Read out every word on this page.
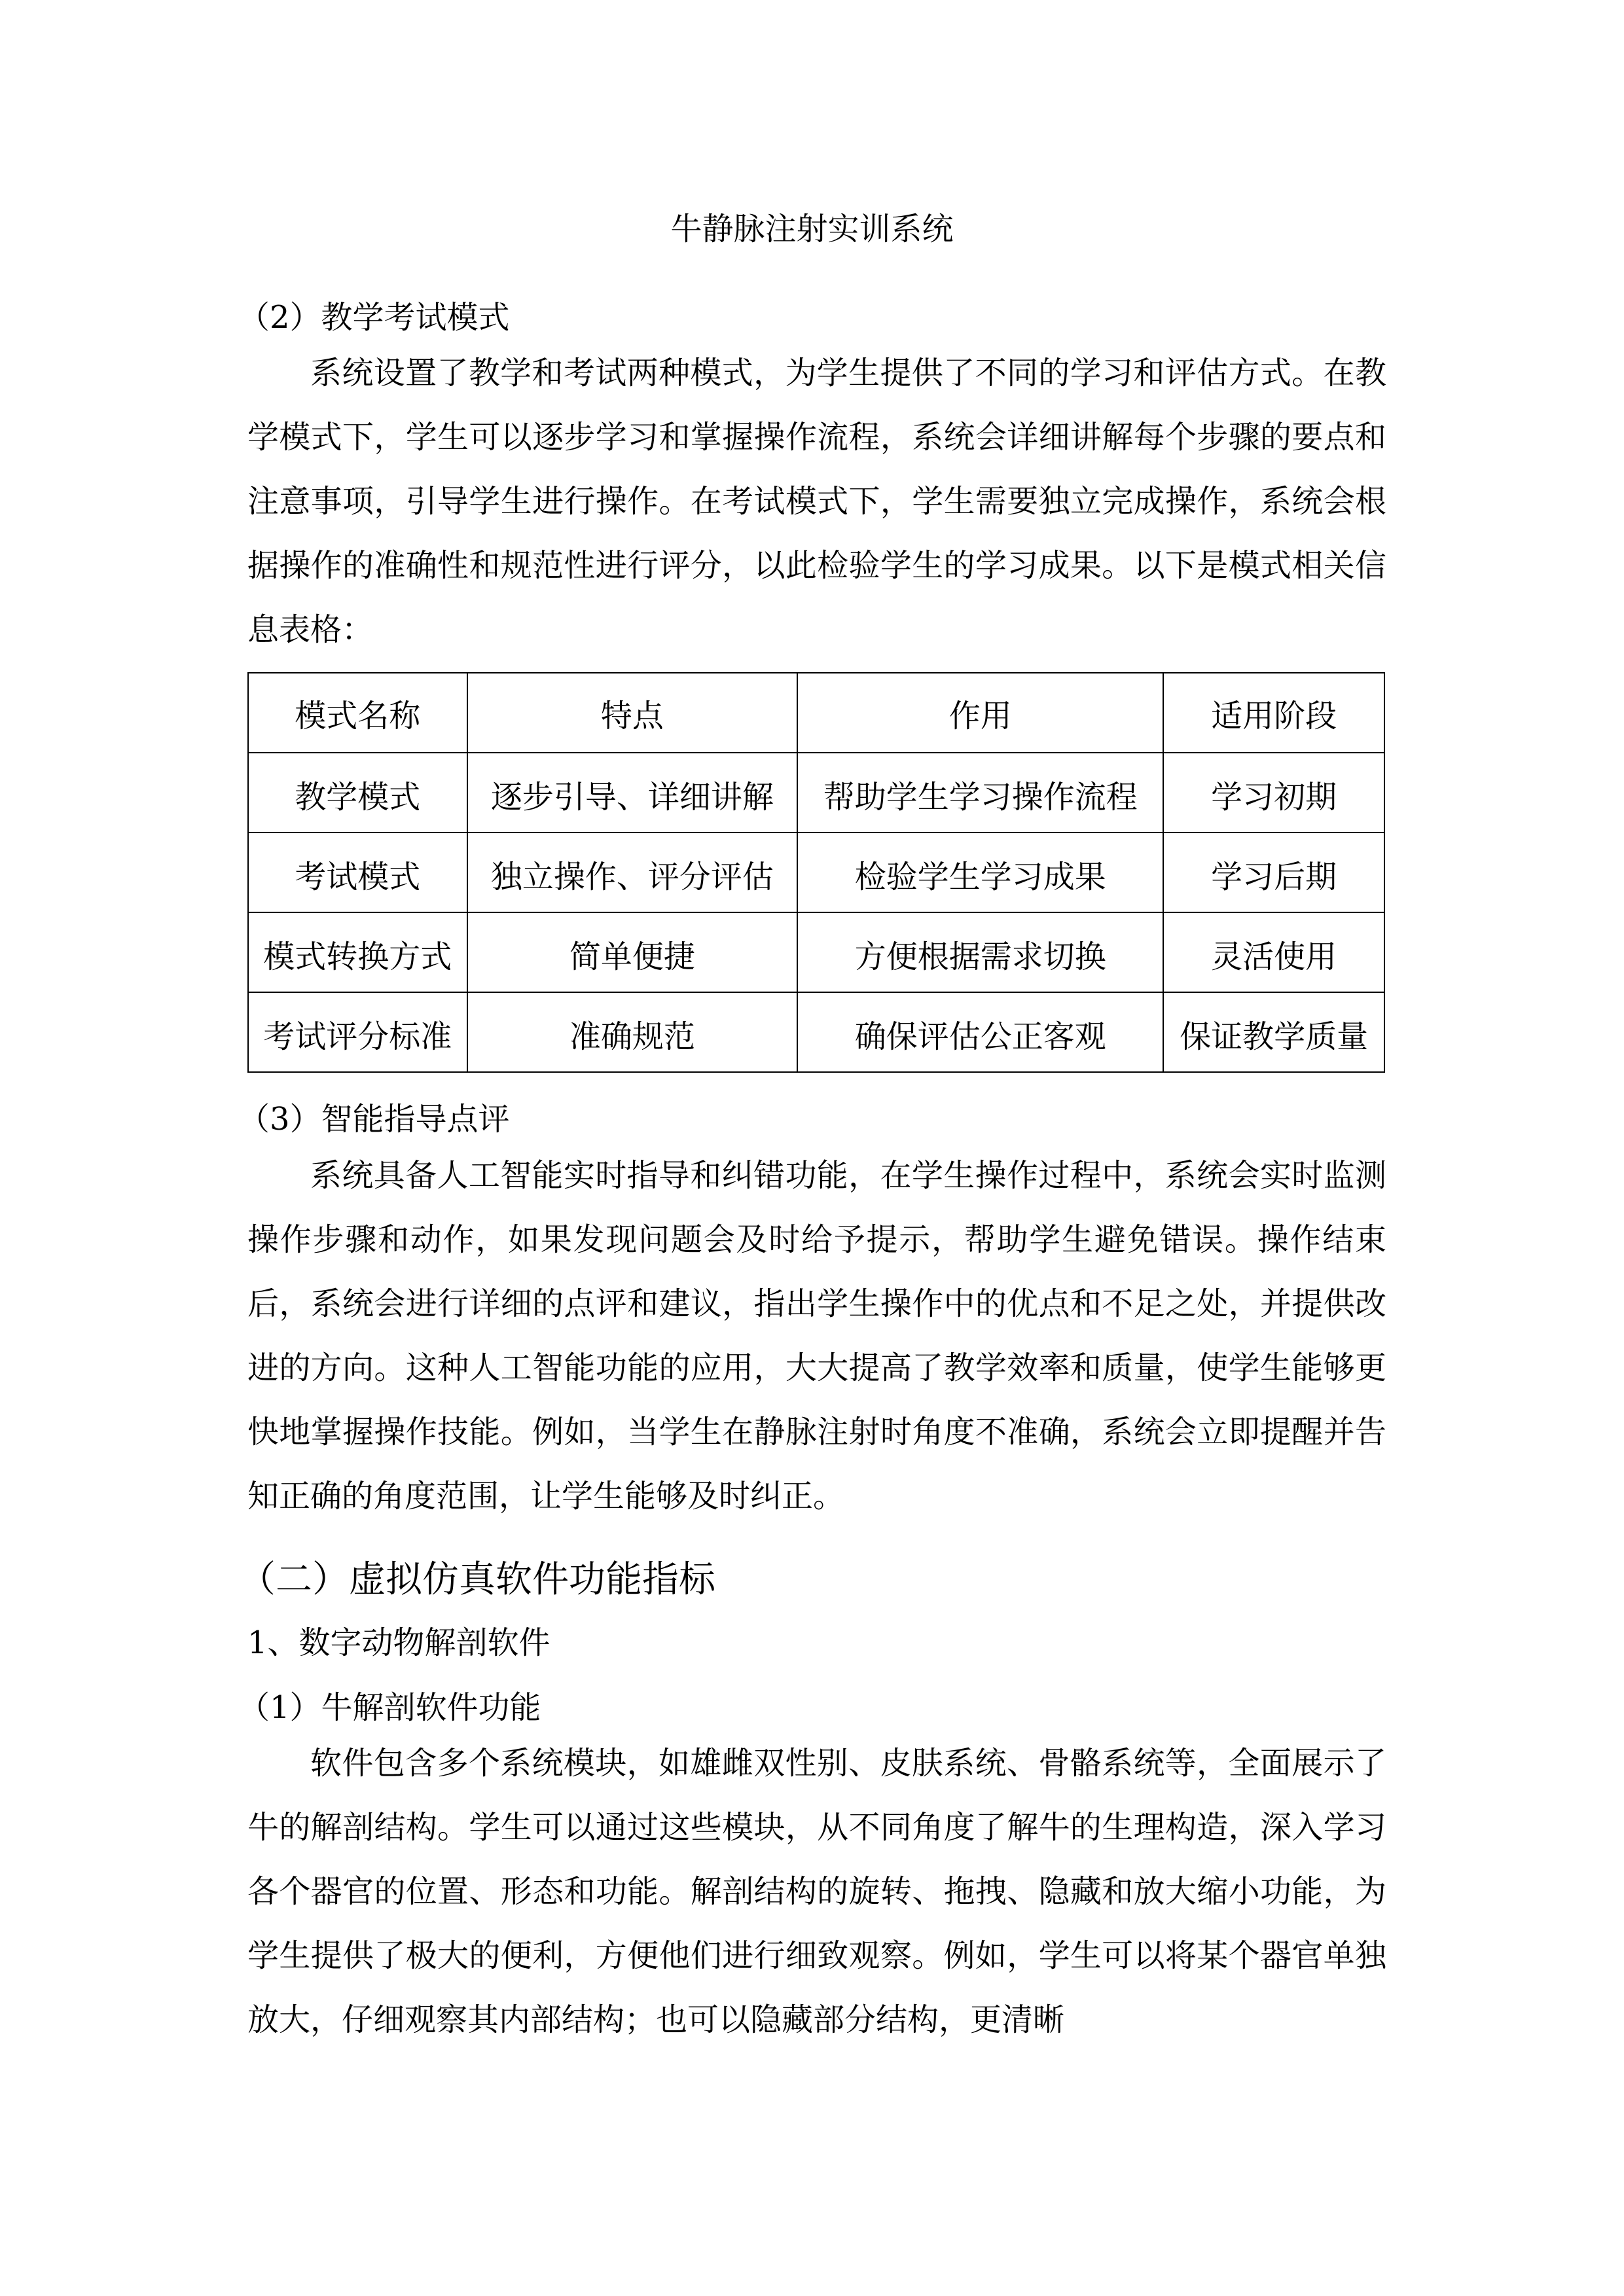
牛静脉注射实训系统
（2）教学考试模式

系统设置了教学和考试两种模式，为学生提供了不同的学习和评估方式。在教学模式下，学生可以逐步学习和掌握操作流程，系统会详细讲解每个步骤的要点和注意事项，引导学生进行操作。在考试模式下，学生需要独立完成操作，系统会根据操作的准确性和规范性进行评分，以此检验学生的学习成果。以下是模式相关信息表格：

模式名称	特点	作用	适用阶段
教学模式	逐步引导、详细讲解	帮助学生学习操作流程	学习初期
考试模式	独立操作、评分评估	检验学生学习成果	学习后期
模式转换方式	简单便捷	方便根据需求切换	灵活使用
考试评分标准	准确规范	确保评估公正客观	保证教学质量
（3）智能指导点评

系统具备人工智能实时指导和纠错功能，在学生操作过程中，系统会实时监测操作步骤和动作，如果发现问题会及时给予提示，帮助学生避免错误。操作结束后，系统会进行详细的点评和建议，指出学生操作中的优点和不足之处，并提供改进的方向。这种人工智能功能的应用，大大提高了教学效率和质量，使学生能够更快地掌握操作技能。例如，当学生在静脉注射时角度不准确，系统会立即提醒并告知正确的角度范围，让学生能够及时纠正。

（二）虚拟仿真软件功能指标
1、数字动物解剖软件
（1）牛解剖软件功能

软件包含多个系统模块，如雄雌双性别、皮肤系统、骨骼系统等，全面展示了牛的解剖结构。学生可以通过这些模块，从不同角度了解牛的生理构造，深入学习各个器官的位置、形态和功能。解剖结构的旋转、拖拽、隐藏和放大缩小功能，为学生提供了极大的便利，方便他们进行细致观察。例如，学生可以将某个器官单独放大，仔细观察其内部结构；也可以隐藏部分结构，更清晰
